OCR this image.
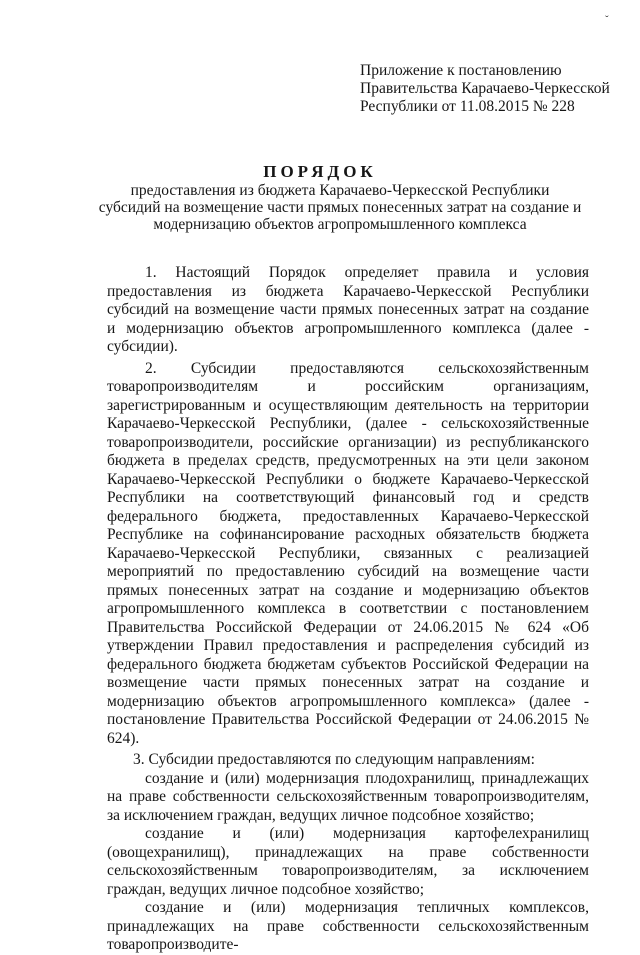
ˇ
Приложение к постановлению
Правительства Карачаево-Черкесской
Республики от 11.08.2015 № 228
ПОРЯДОК
предоставления из бюджета Карачаево-Черкесской Республики
субсидий на возмещение части прямых понесенных затрат на создание и
модернизацию объектов агропромышленного комплекса

1. Настоящий Порядок определяет правила и условия предоставления из бюджета Карачаево-Черкесской Республики субсидий на возмещение части прямых понесенных затрат на создание и модернизацию объектов агропромышленного комплекса (далее - субсидии).

2. Субсидии предоставляются сельскохозяйственным товаропроизводителям и российским организациям, зарегистрированным и осуществляющим деятельность на территории Карачаево-Черкесской Республики, (далее - сельскохозяйственные товаропроизводители, российские организации) из республиканского бюджета в пределах средств, предусмотренных на эти цели законом Карачаево-Черкесской Республики о бюджете Карачаево-Черкесской Республики на соответствующий финансовый год и средств федерального бюджета, предоставленных Карачаево-Черкесской Республике на софинансирование расходных обязательств бюджета Карачаево-Черкесской Республики, связанных с реализацией мероприятий по предоставлению субсидий на возмещение части прямых понесенных затрат на создание и модернизацию объектов агропромышленного комплекса в соответствии с постановлением Правительства Российской Федерации от 24.06.2015 № 624 «Об утверждении Правил предоставления и распределения субсидий из федерального бюджета бюджетам субъектов Российской Федерации на возмещение части прямых понесенных затрат на создание и модернизацию объектов агропромышленного комплекса» (далее - постановление Правительства Российской Федерации от 24.06.2015 № 624).

3. Субсидии предоставляются по следующим направлениям:

создание и (или) модернизация плодохранилищ, принадлежащих на праве собственности сельскохозяйственным товаропроизводителям, за исключением граждан, ведущих личное подсобное хозяйство;

создание и (или) модернизация картофелехранилищ (овощехранилищ), принадлежащих на праве собственности сельскохозяйственным товаропроизводителям, за исключением граждан, ведущих личное подсобное хозяйство;

создание и (или) модернизация тепличных комплексов, принадлежащих на праве собственности сельскохозяйственным товаропроизводите-
